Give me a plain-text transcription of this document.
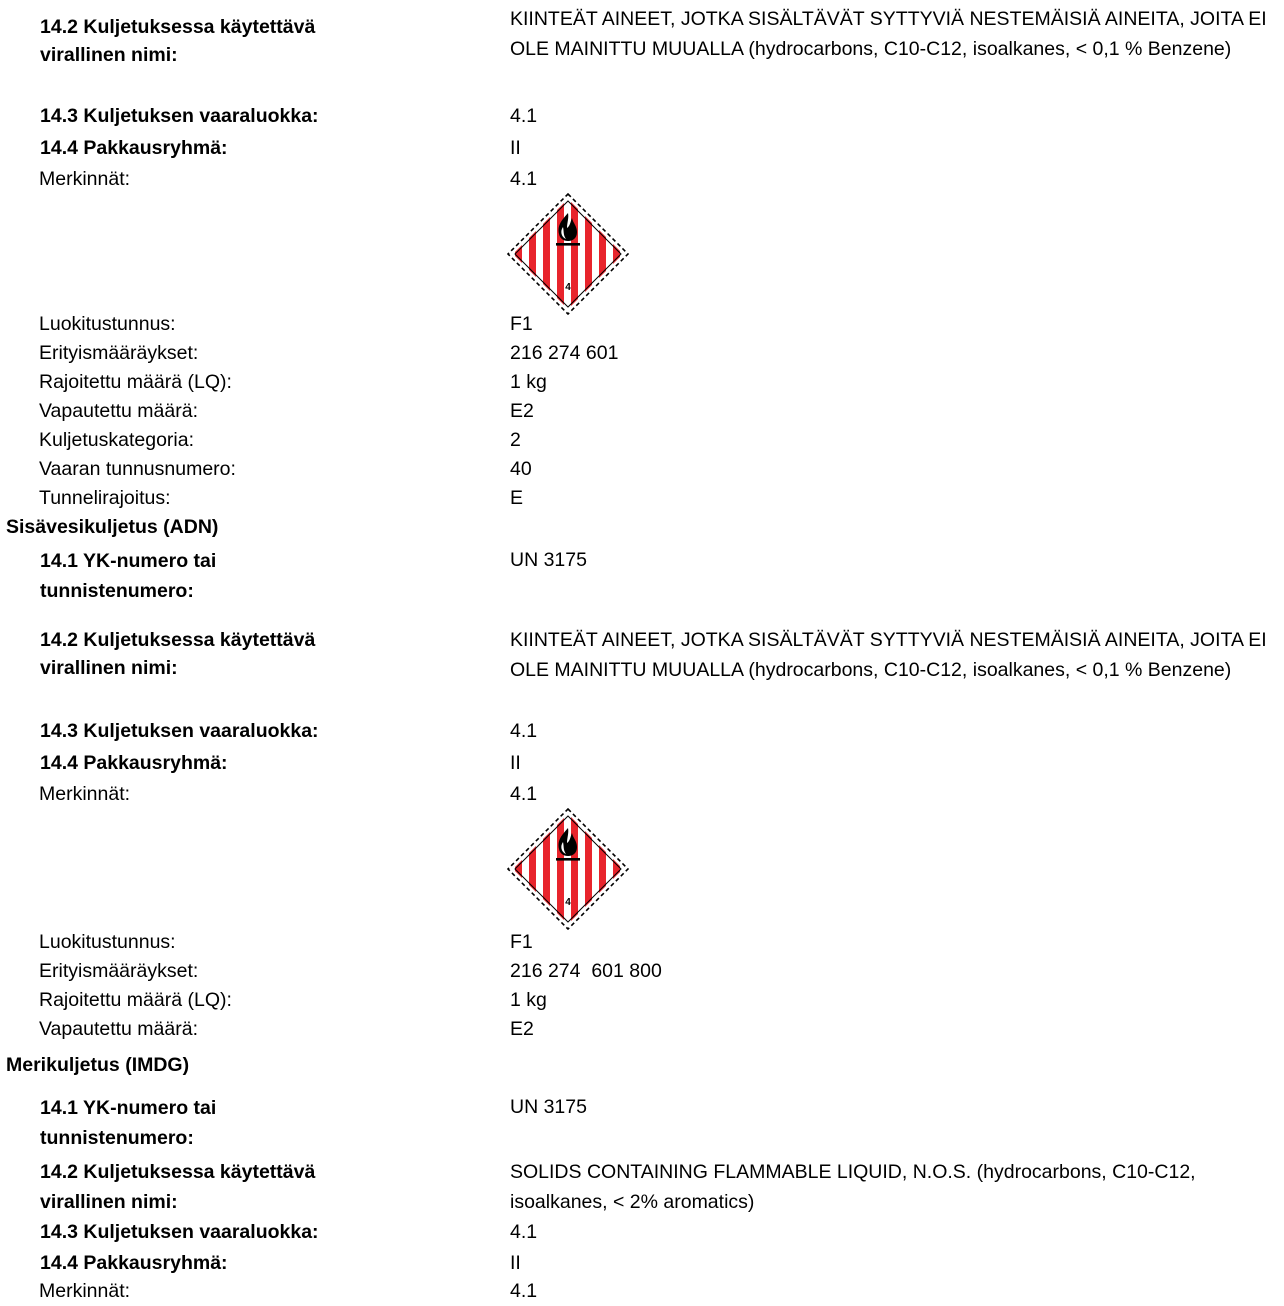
14.2 Kuljetuksessa käytettävä virallinen nimi:
KIINTEÄT AINEET, JOTKA SISÄLTÄVÄT SYTTYVIÄ NESTEMÄISIÄ AINEITA, JOITA EI OLE MAINITTU MUUALLA (hydrocarbons, C10-C12, isoalkanes, < 0,1 % Benzene)
14.3 Kuljetuksen vaaraluokka:	4.1
14.4 Pakkausryhmä:	II
Merkinnät:	4.1
4
Luokitustunnus:	F1
Erityismääräykset:	216 274 601
Rajoitettu määrä (LQ):	1 kg
Vapautettu määrä:	E2
Kuljetuskategoria:	2
Vaaran tunnusnumero:	40
Tunnelirajoitus:	E
Sisävesikuljetus (ADN)
14.1 YK-numero tai tunnistenumero:
UN 3175
14.2 Kuljetuksessa käytettävä virallinen nimi:
KIINTEÄT AINEET, JOTKA SISÄLTÄVÄT SYTTYVIÄ NESTEMÄISIÄ AINEITA, JOITA EI OLE MAINITTU MUUALLA (hydrocarbons, C10-C12, isoalkanes, < 0,1 % Benzene)
14.3 Kuljetuksen vaaraluokka:	4.1
14.4 Pakkausryhmä:	II
Merkinnät:	4.1
4
Luokitustunnus:	F1
Erityismääräykset:	216 274  601 800
Rajoitettu määrä (LQ):	1 kg
Vapautettu määrä:	E2
Merikuljetus (IMDG)
14.1 YK-numero tai tunnistenumero:
UN 3175
14.2 Kuljetuksessa käytettävä virallinen nimi:
SOLIDS CONTAINING FLAMMABLE LIQUID, N.O.S. (hydrocarbons, C10-C12, isoalkanes, < 2% aromatics)
14.3 Kuljetuksen vaaraluokka:	4.1
14.4 Pakkausryhmä:	II
Merkinnät:	4.1
